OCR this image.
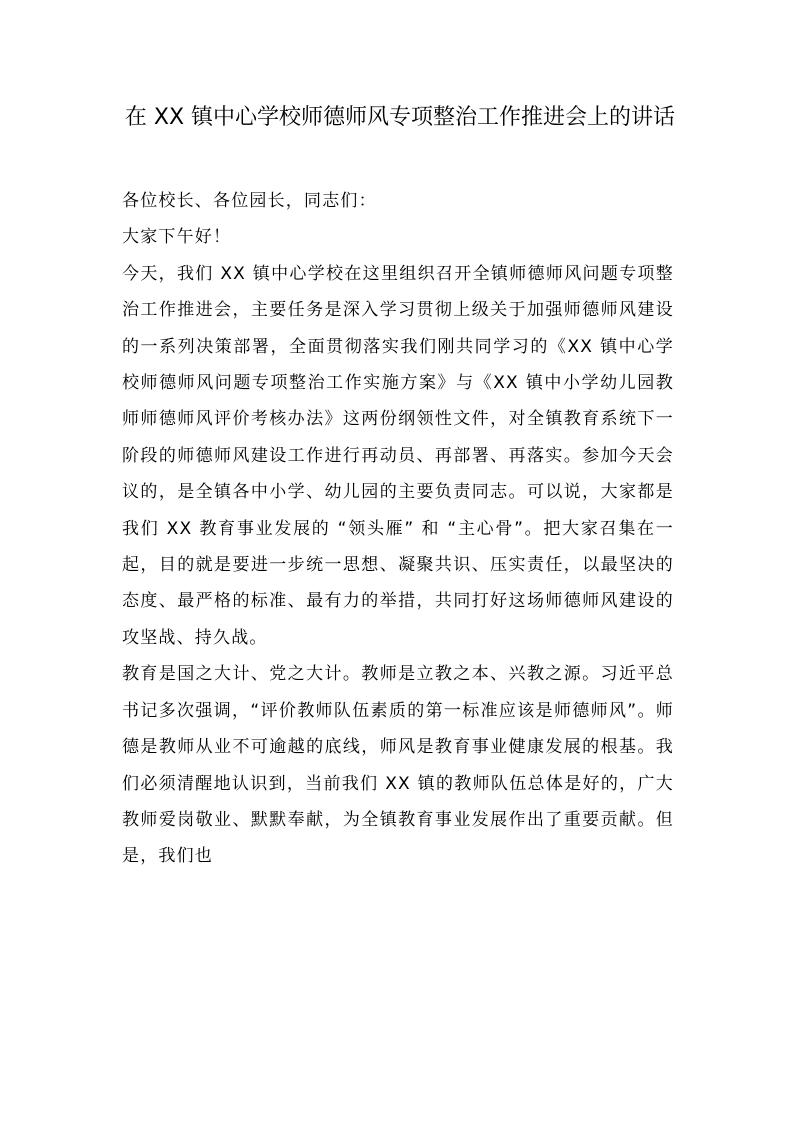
在 XX 镇中心学校师德师风专项整治工作推进会上的讲话

各位校长、各位园长，同志们：

大家下午好！

今天，我们 XX 镇中心学校在这里组织召开全镇师德师风问题专项整治工作推进会，主要任务是深入学习贯彻上级关于加强师德师风建设的一系列决策部署，全面贯彻落实我们刚共同学习的《XX 镇中心学校师德师风问题专项整治工作实施方案》与《XX 镇中小学幼儿园教师师德师风评价考核办法》这两份纲领性文件，对全镇教育系统下一阶段的师德师风建设工作进行再动员、再部署、再落实。参加今天会议的，是全镇各中小学、幼儿园的主要负责同志。可以说，大家都是我们 XX 教育事业发展的 “领头雁” 和 “主心骨”。把大家召集在一起，目的就是要进一步统一思想、凝聚共识、压实责任，以最坚决的态度、最严格的标准、最有力的举措，共同打好这场师德师风建设的攻坚战、持久战。

教育是国之大计、党之大计。教师是立教之本、兴教之源。习近平总书记多次强调，“评价教师队伍素质的第一标准应该是师德师风”。师德是教师从业不可逾越的底线，师风是教育事业健康发展的根基。我们必须清醒地认识到，当前我们 XX 镇的教师队伍总体是好的，广大教师爱岗敬业、默默奉献，为全镇教育事业发展作出了重要贡献。但是，我们也
